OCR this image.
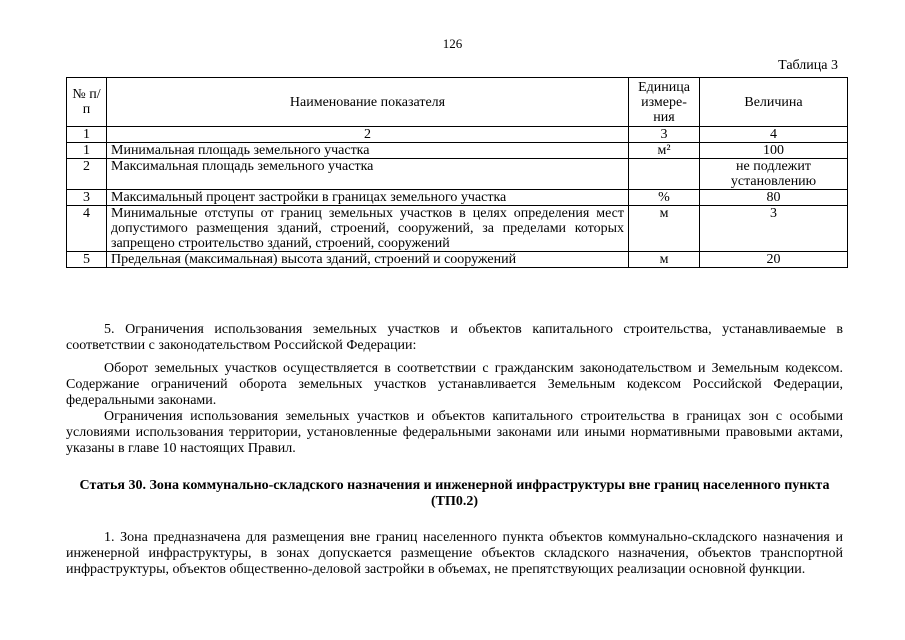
126
Таблица 3
№ п/п	Наименование показателя	Единица измере-ния	Величина
1	2	3	4
1	Минимальная площадь земельного участка	м²	100
2	Максимальная площадь земельного участка		не подлежит установлению
3	Максимальный процент застройки в границах земельного участка	%	80
4	Минимальные отступы от границ земельных участков в целях определения мест допустимого размещения зданий, строений, сооружений, за пределами которых запрещено строительство зданий, строений, сооружений	м	3
5	Предельная (максимальная) высота зданий, строений и сооружений	м	20

5. Ограничения использования земельных участков и объектов капитального строительства, устанавливаемые в соответствии с законодательством Российской Федерации:

Оборот земельных участков осуществляется в соответствии с гражданским законодательством и Земельным кодексом. Содержание ограничений оборота земельных участков устанавливается Земельным кодексом Российской Федерации, федеральными законами.

Ограничения использования земельных участков и объектов капитального строительства в границах зон с особыми условиями использования территории, установленные федеральными законами или иными нормативными правовыми актами, указаны в главе 10 настоящих Правил.

Статья 30. Зона коммунально-складского назначения и инженерной инфраструктуры вне границ населенного пункта (ТП0.2)

1. Зона предназначена для размещения вне границ населенного пункта объектов коммунально-складского назначения и инженерной инфраструктуры, в зонах допускается размещение объектов складского назначения, объектов транспортной инфраструктуры, объектов общественно-деловой застройки в объемах, не препятствующих реализации основной функции.
